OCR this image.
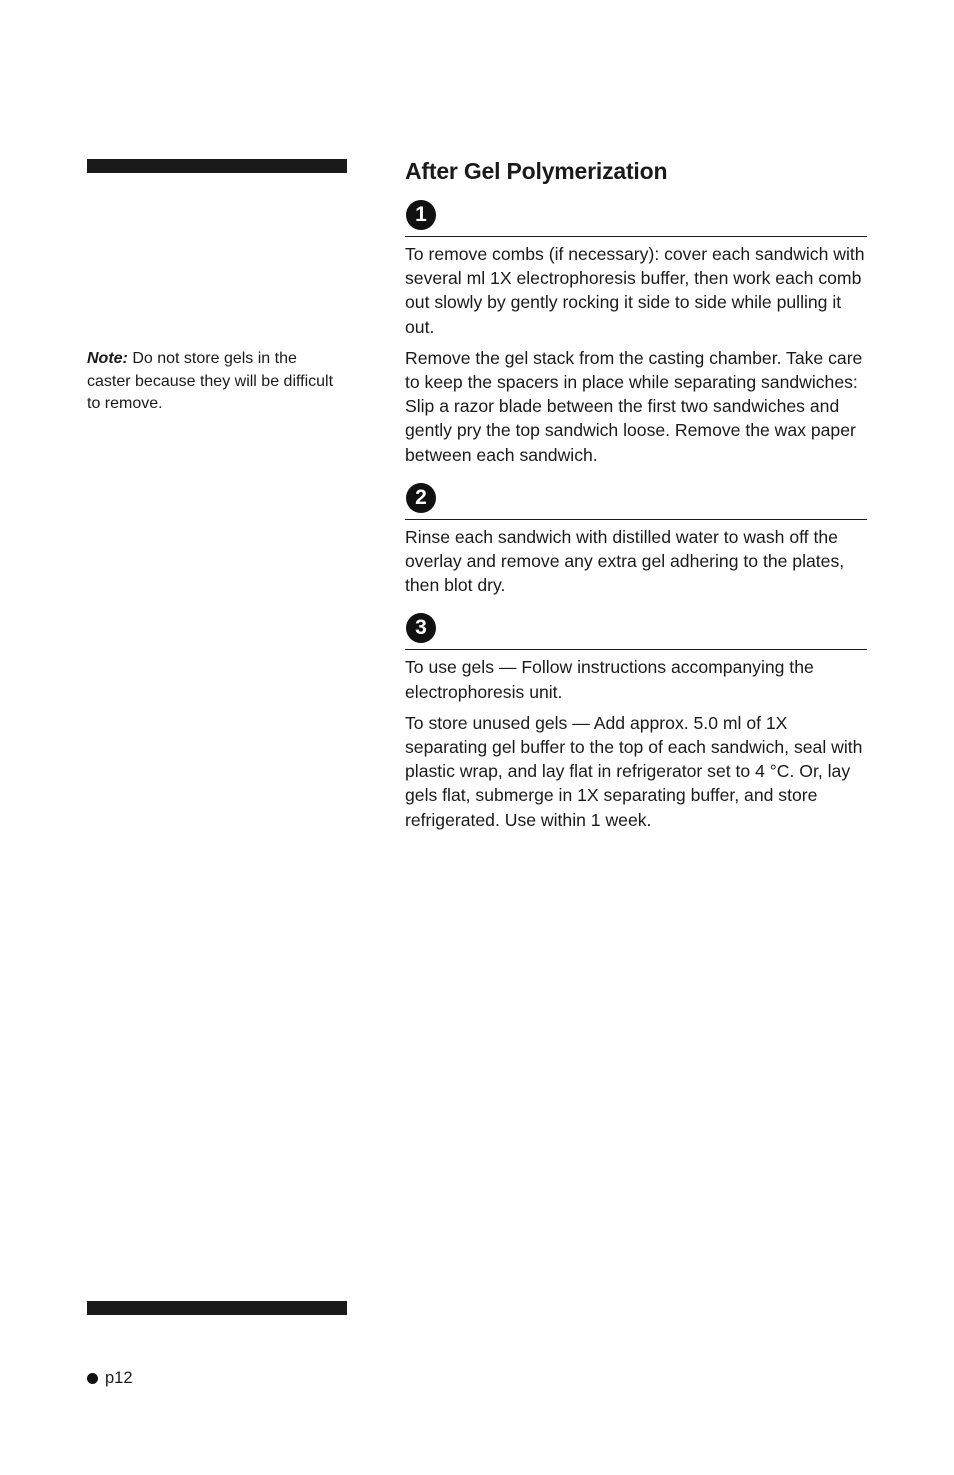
Note: Do not store gels in the caster because they will be difficult to remove.
After Gel Polymerization
1

To remove combs (if necessary): cover each sandwich with several ml 1X electrophoresis buffer, then work each comb out slowly by gently rocking it side to side while pulling it out.

Remove the gel stack from the casting chamber. Take care to keep the spacers in place while separating sandwiches: Slip a razor blade between the first two sandwiches and gently pry the top sandwich loose. Remove the wax paper between each sandwich.

2

Rinse each sandwich with distilled water to wash off the overlay and remove any extra gel adhering to the plates, then blot dry.

3

To use gels — Follow instructions accompanying the electrophoresis unit.

To store unused gels — Add approx. 5.0 ml of 1X separating gel buffer to the top of each sandwich, seal with plastic wrap, and lay flat in refrigerator set to 4 °C. Or, lay gels flat, submerge in 1X separating buffer, and store refrigerated. Use within 1 week.

p12
